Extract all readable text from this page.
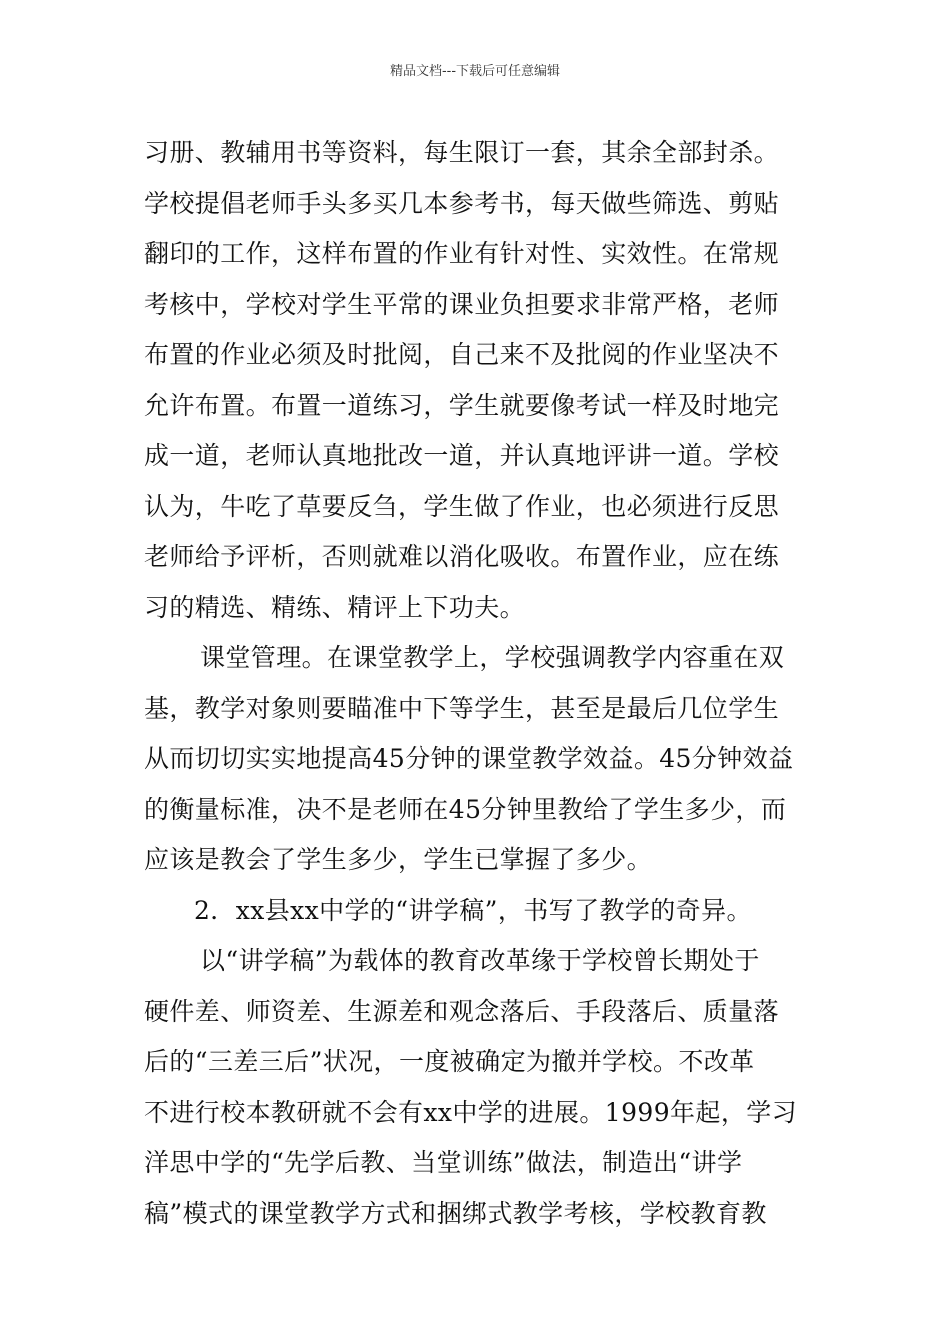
精品文档---下载后可任意编辑
习册、教辅用书等资料，每生限订一套，其余全部封杀。
学校提倡老师手头多买几本参考书，每天做些筛选、剪贴
翻印的工作，这样布置的作业有针对性、实效性。在常规
考核中，学校对学生平常的课业负担要求非常严格，老师
布置的作业必须及时批阅，自己来不及批阅的作业坚决不
允许布置。布置一道练习，学生就要像考试一样及时地完
成一道，老师认真地批改一道，并认真地评讲一道。学校
认为，牛吃了草要反刍，学生做了作业，也必须进行反思
老师给予评析，否则就难以消化吸收。布置作业，应在练
习的精选、精练、精评上下功夫。
课堂管理。在课堂教学上，学校强调教学内容重在双
基，教学对象则要瞄准中下等学生，甚至是最后几位学生
从而切切实实地提高45分钟的课堂教学效益。45分钟效益
的衡量标准，决不是老师在45分钟里教给了学生多少，而
应该是教会了学生多少，学生已掌握了多少。
2．xx县xx中学的“讲学稿”，书写了教学的奇异。
以“讲学稿”为载体的教育改革缘于学校曾长期处于
硬件差、师资差、生源差和观念落后、手段落后、质量落
后的“三差三后”状况，一度被确定为撤并学校。不改革
不进行校本教研就不会有xx中学的进展。1999年起，学习
洋思中学的“先学后教、当堂训练”做法，制造出“讲学
稿”模式的课堂教学方式和捆绑式教学考核，学校教育教
